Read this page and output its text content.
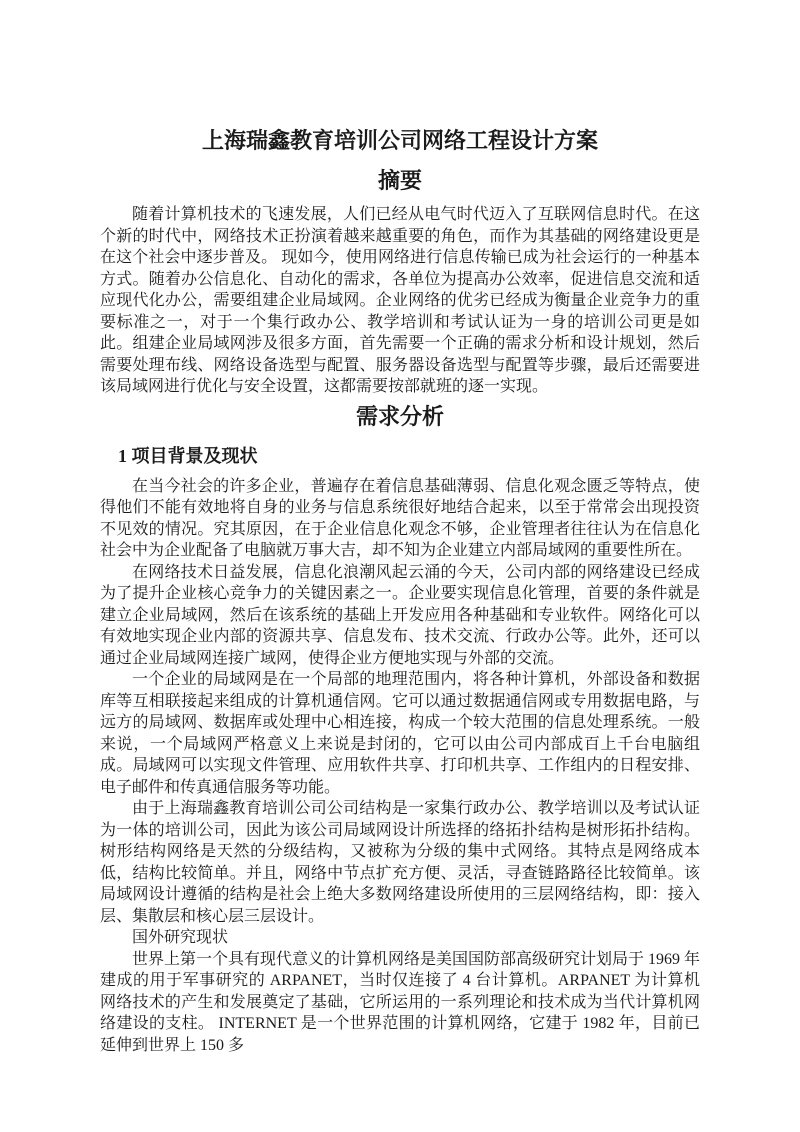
上海瑞鑫教育培训公司网络工程设计方案
摘要

随着计算机技术的飞速发展，人们已经从电气时代迈入了互联网信息时代。在这个新的时代中，网络技术正扮演着越来越重要的角色，而作为其基础的网络建设更是在这个社会中逐步普及。 现如今，使用网络进行信息传输已成为社会运行的一种基本方式。随着办公信息化、自动化的需求，各单位为提高办公效率，促进信息交流和适应现代化办公，需要组建企业局域网。企业网络的优劣已经成为衡量企业竞争力的重要标准之一，对于一个集行政办公、教学培训和考试认证为一身的培训公司更是如此。组建企业局域网涉及很多方面，首先需要一个正确的需求分析和设计规划，然后需要处理布线、网络设备选型与配置、服务器设备选型与配置等步骤，最后还需要进该局域网进行优化与安全设置，这都需要按部就班的逐一实现。

需求分析
1 项目背景及现状

在当今社会的许多企业，普遍存在着信息基础薄弱、信息化观念匮乏等特点，使得他们不能有效地将自身的业务与信息系统很好地结合起来，以至于常常会出现投资不见效的情况。究其原因，在于企业信息化观念不够，企业管理者往往认为在信息化社会中为企业配备了电脑就万事大吉，却不知为企业建立内部局域网的重要性所在。

在网络技术日益发展，信息化浪潮风起云涌的今天，公司内部的网络建设已经成为了提升企业核心竞争力的关键因素之一。企业要实现信息化管理，首要的条件就是建立企业局域网，然后在该系统的基础上开发应用各种基础和专业软件。网络化可以有效地实现企业内部的资源共享、信息发布、技术交流、行政办公等。此外，还可以通过企业局域网连接广域网，使得企业方便地实现与外部的交流。

一个企业的局域网是在一个局部的地理范围内，将各种计算机，外部设备和数据库等互相联接起来组成的计算机通信网。它可以通过数据通信网或专用数据电路，与远方的局域网、数据库或处理中心相连接，构成一个较大范围的信息处理系统。一般来说，一个局域网严格意义上来说是封闭的，它可以由公司内部成百上千台电脑组成。局域网可以实现文件管理、应用软件共享、打印机共享、工作组内的日程安排、电子邮件和传真通信服务等功能。

由于上海瑞鑫教育培训公司公司结构是一家集行政办公、教学培训以及考试认证为一体的培训公司，因此为该公司局域网设计所选择的络拓扑结构是树形拓扑结构。树形结构网络是天然的分级结构，又被称为分级的集中式网络。其特点是网络成本低，结构比较简单。并且，网络中节点扩充方便、灵活，寻查链路路径比较简单。该局域网设计遵循的结构是社会上绝大多数网络建设所使用的三层网络结构，即：接入层、集散层和核心层三层设计。

国外研究现状

世界上第一个具有现代意义的计算机网络是美国国防部高级研究计划局于 1969 年建成的用于军事研究的 ARPANET，当时仅连接了 4 台计算机。ARPANET 为计算机网络技术的产生和发展奠定了基础，它所运用的一系列理论和技术成为当代计算机网络建设的支柱。 INTERNET 是一个世界范围的计算机网络，它建于 1982 年，目前已延伸到世界上 150 多
